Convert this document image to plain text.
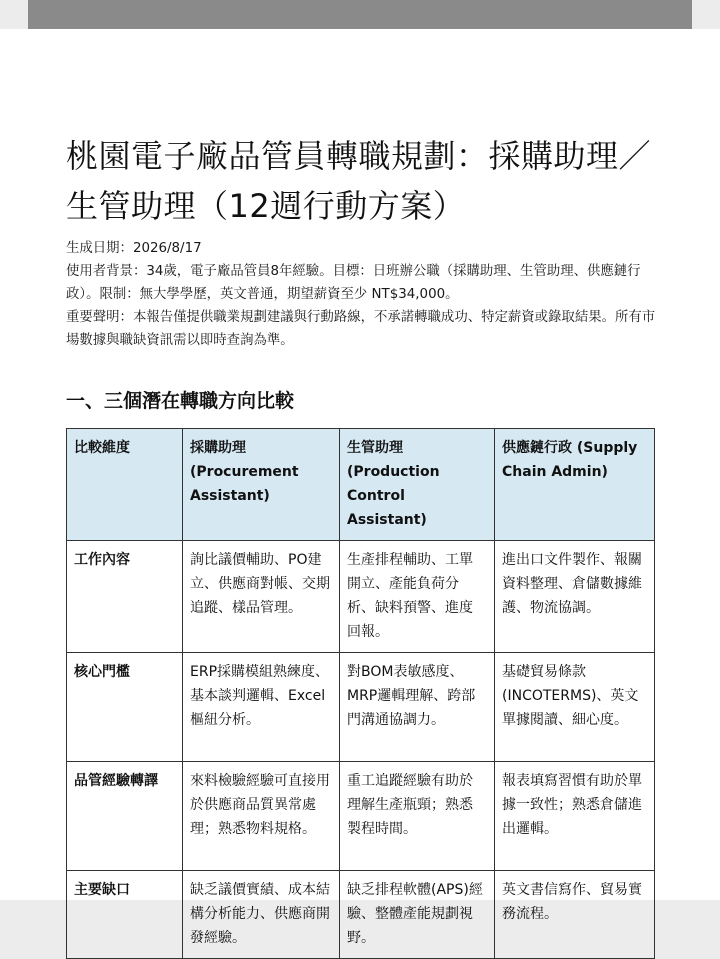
桃園電子廠品管員轉職規劃：採購助理／生管助理（12週行動方案）

生成日期：2026/8/17

使用者背景：34歲，電子廠品管員8年經驗。目標：日班辦公職（採購助理、生管助理、供應鏈行政）。限制：無大學學歷，英文普通，期望薪資至少 NT$34,000。

重要聲明：本報告僅提供職業規劃建議與行動路線，不承諾轉職成功、特定薪資或錄取結果。所有市場數據與職缺資訊需以即時查詢為準。

一、三個潛在轉職方向比較
比較維度	採購助理 (Procurement Assistant)	生管助理 (Production Control Assistant)	供應鏈行政 (Supply Chain Admin)
工作內容	詢比議價輔助、PO建立、供應商對帳、交期追蹤、樣品管理。	生產排程輔助、工單開立、產能負荷分析、缺料預警、進度回報。	進出口文件製作、報關資料整理、倉儲數據維護、物流協調。
核心門檻	ERP採購模組熟練度、基本談判邏輯、Excel樞紐分析。	對BOM表敏感度、MRP邏輯理解、跨部門溝通協調力。	基礎貿易條款(INCOTERMS)、英文單據閱讀、細心度。
品管經驗轉譯	來料檢驗經驗可直接用於供應商品質異常處理；熟悉物料規格。	重工追蹤經驗有助於理解生產瓶頸；熟悉製程時間。	報表填寫習慣有助於單據一致性；熟悉倉儲進出邏輯。
主要缺口	缺乏議價實績、成本結構分析能力、供應商開發經驗。	缺乏排程軟體(APS)經驗、整體產能規劃視野。	英文書信寫作、貿易實務流程。
